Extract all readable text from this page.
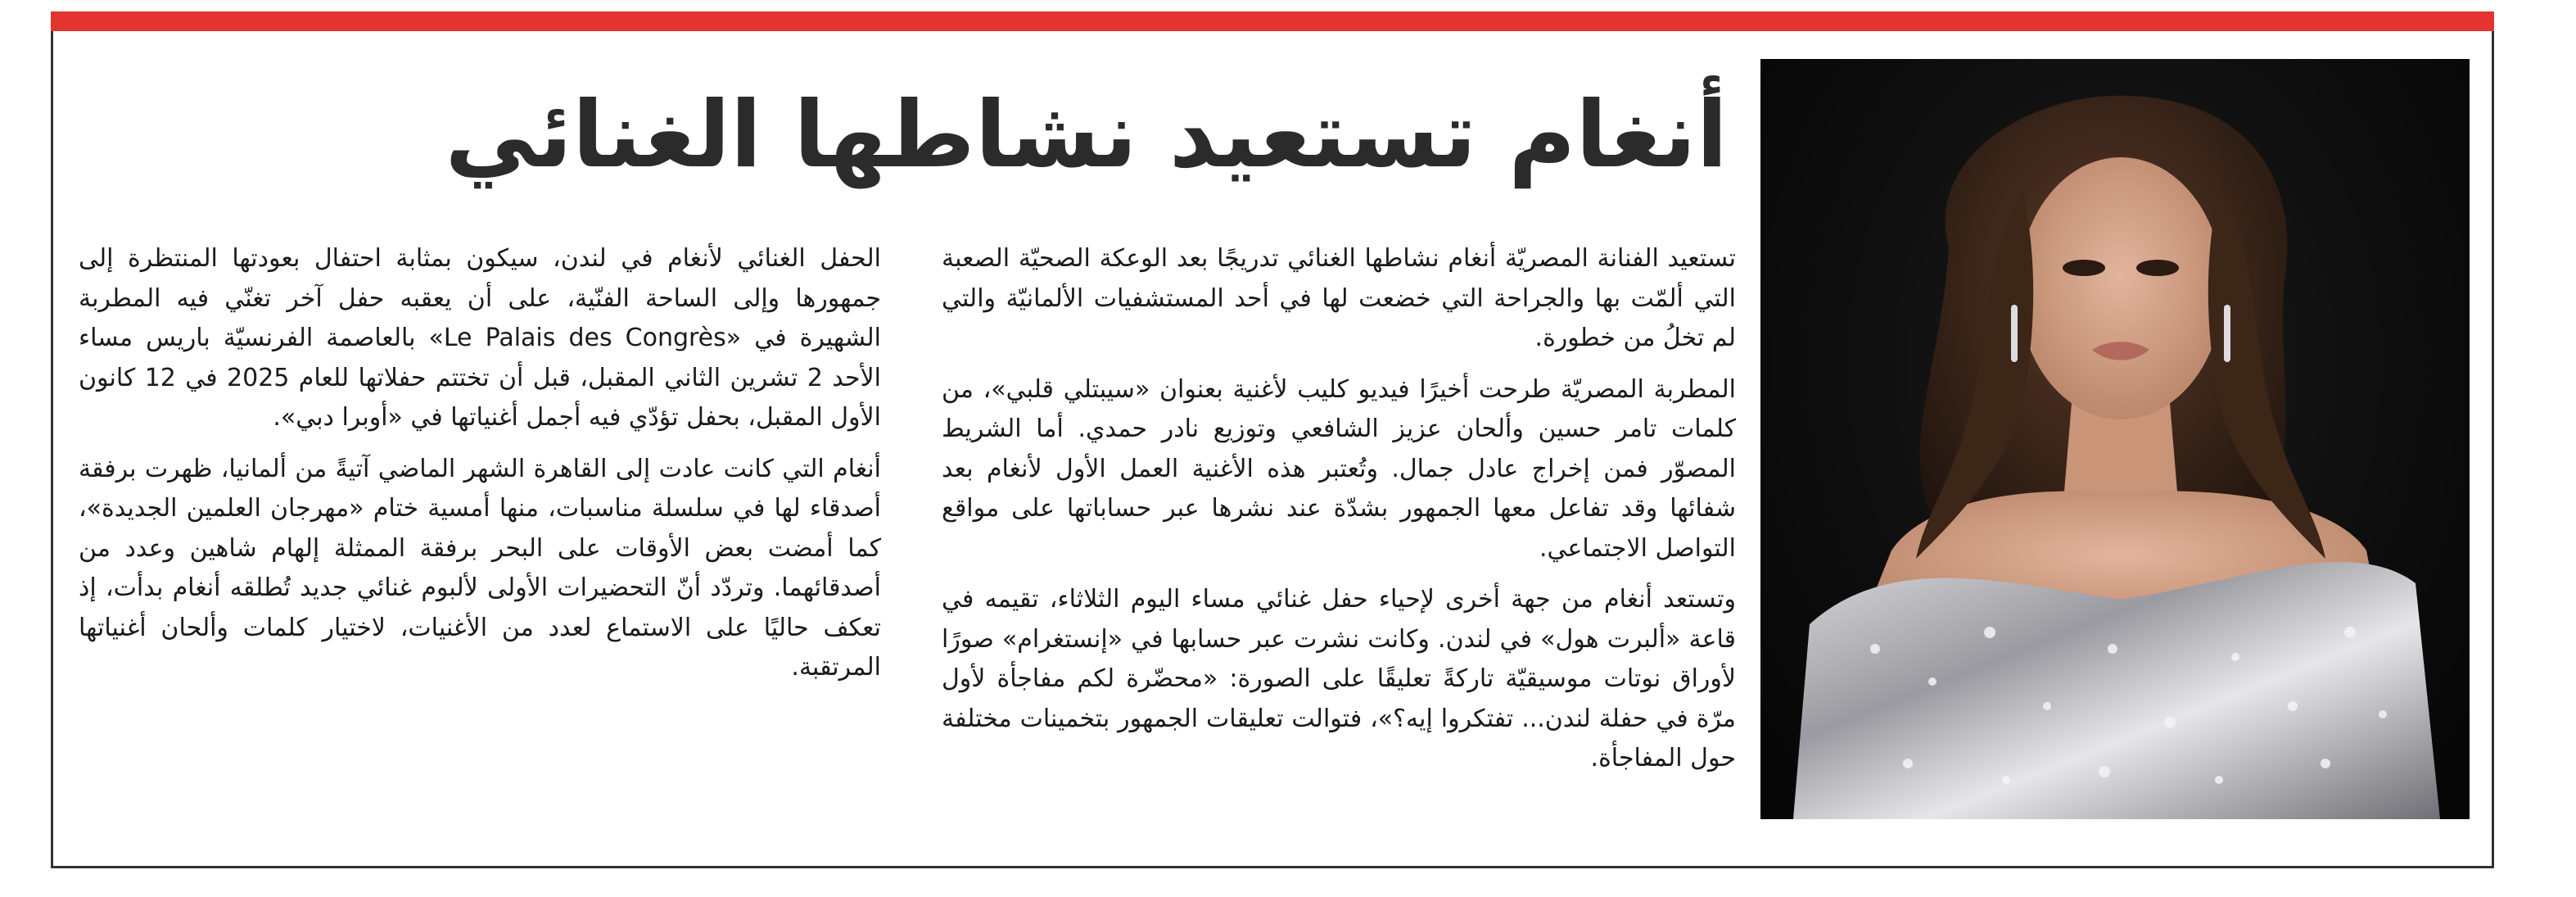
أنغام تستعيد نشاطها الغنائي

تستعيد الفنانة المصريّة أنغام نشاطها الغنائي تدريجًا بعد الوعكة الصحيّة الصعبة التي ألمّت بها والجراحة التي خضعت لها في أحد المستشفيات الألمانيّة والتي لم تخلُ من خطورة.

المطربة المصريّة طرحت أخيرًا فيديو كليب لأغنية بعنوان «سيبتلي قلبي»، من كلمات تامر حسين وألحان عزيز الشافعي وتوزيع نادر حمدي. أما الشريط المصوّر فمن إخراج عادل جمال. وتُعتبر هذه الأغنية العمل الأول لأنغام بعد شفائها وقد تفاعل معها الجمهور بشدّة عند نشرها عبر حساباتها على مواقع التواصل الاجتماعي.

وتستعد أنغام من جهة أخرى لإحياء حفل غنائي مساء اليوم الثلاثاء، تقيمه في قاعة «ألبرت هول» في لندن. وكانت نشرت عبر حسابها في «إنستغرام» صورًا لأوراق نوتات موسيقيّة تاركةً تعليقًا على الصورة: «محضّرة لكم مفاجأة لأول مرّة في حفلة لندن... تفتكروا إيه؟»، فتوالت تعليقات الجمهور بتخمينات مختلفة حول المفاجأة.

الحفل الغنائي لأنغام في لندن، سيكون بمثابة احتفال بعودتها المنتظرة إلى جمهورها وإلى الساحة الفنّية، على أن يعقبه حفل آخر تغنّي فيه المطربة الشهيرة في «Le Palais des Congrès» بالعاصمة الفرنسيّة باريس مساء الأحد 2 تشرين الثاني المقبل، قبل أن تختتم حفلاتها للعام 2025 في 12 كانون الأول المقبل، بحفل تؤدّي فيه أجمل أغنياتها في «أوبرا دبي».

أنغام التي كانت عادت إلى القاهرة الشهر الماضي آتيةً من ألمانيا، ظهرت برفقة أصدقاء لها في سلسلة مناسبات، منها أمسية ختام «مهرجان العلمين الجديدة»، كما أمضت بعض الأوقات على البحر برفقة الممثلة إلهام شاهين وعدد من أصدقائهما. وتردّد أنّ التحضيرات الأولى لألبوم غنائي جديد تُطلقه أنغام بدأت، إذ تعكف حاليًا على الاستماع لعدد من الأغنيات، لاختيار كلمات وألحان أغنياتها المرتقبة.
